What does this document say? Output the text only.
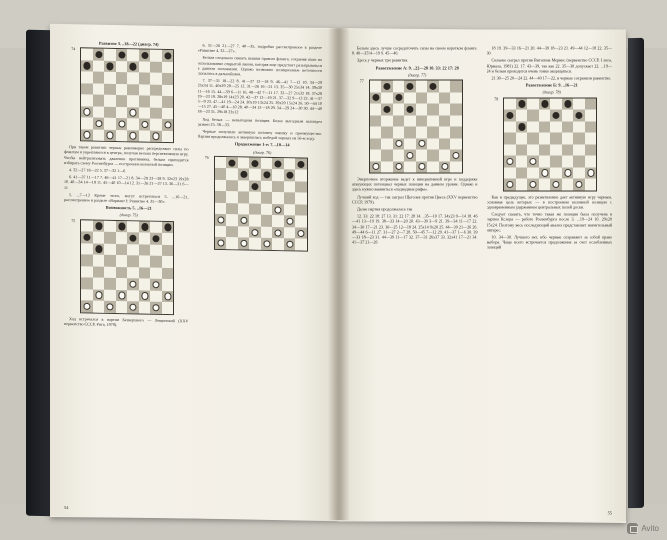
Развитие 3. ..18—22 (диагр. 74)

74

При таком развитии черные равномерно распределяют силы по флангам и укрепляются в центре, получая весьма перспективную игру. Чтобы нейтрализовать давление противника, белым приходится избирать схему Роозенбурга — построение колонной позиции.

4. 32—27 18—22 5. 37—32 1—6

6. 41—37 11—17 7. 46—41 17—21 8. 34—29 23—28 9. 32х23 19х28 10. 40—34 14—19 11. 45—40 10—14 12. 31—26 21—27 13. 36—31 6—11

5. ...7—12 Кроме этого, могут встретиться 5. ...16—21, рассмотренное в разделе «Вариант I: Развитие 4. 35—30».

Возможность 5. ..16—21

(диагр. 75)

75

Ход встречался в партии Безверхнего — Лещинский (XXV первенство СССР, Рига, 1979).

6. 31—26 21—27 7. 40—35, подробно рассмотренное в разделе «Развитие 4. 32—27».

Белым следовало связать шашки правого фланга, сохраняя шанс на использование открытой линии, которая еще предстоит разыгрываться в данном положении. Однако возможно позиционные неточности сказались в дальнейшем.

7. 37—31 18—22 8. 41—37 12—18 9. 46—41 7—12 10. 34—29 23х34 11. 40х29 20—25 12. 31—26 16—21 13. 35—30 25х34 14. 39х30 11—16 15. 44—39 6—11 16. 48—42 7—11 17. 32—27 21х32 18. 37х28 19—23 19. 28х19 14х23 20. 42—37 13—19 21. 37—32 9—13 22. 41—37 3—9 23. 47—41 19—24 24. 30х19 13х24 25. 29х20 15х24 26. 50—44 10—15 27. 45—40 4—10 28. 40—34 12—18 29. 34—29 24—30 30. 44—40 18—23 31. 29х18 23х12

Ход белых — невыгодная позиция. Более выгодным выглядел размен 25. 38—33.

Черные получили активную колонну шашку и преимущество. Партия продолжалась и завершилась победой черных на 56-м ходу.

Продолжение 1-е: 7. ..10—14

(диагр. 76)

76
54

Белым здесь лучше сосредоточить силы на своем коротком фланге. 8. 40—35!4—19 9. 45—40.

Здесь у черных три развития.

Разветвление А: 9. ..22—28 10. 33: 22 17: 28

(диагр. 77)

77

Энергичное вторжение ведет к инициативной игре и поддержке атакующих потенциал черных позиции на данном уровне. Однако и здесь нужно выявиться «подводные рифы».

Лучший ход — так сыграл Щеголев против Цвеса (XXV первенство СССР, 1979).

Далее партия продолжалась так

12. 33: 22 18: 27 13. 31: 22 17: 28 14. ..35—10 17. 34х23 9—14 18. 46—41 13—19 19. 38—33 14—20 20. 43—39 3—9 21. 39—34 11—17 22. 34—30 17—21 23. 30—25 12—18 24. 25х14 9х20 25. 44—39 21—26 26. 49—44 6—11 27. 31—27 2—7 28. 50—45 7—12 29. 41—37 1—6 30. 39—33 18—23 31. 44—39 11—17 32. 37—31 26х37 33. 32х41 17—21 34. 41—37 21—26

18 19. 39—33 16—21 20. 44—39 18—23 21. 49—44 12—18 22. 35—30

Сильнее сыграл против Витагина Мернис (первенство СССР, I лига, Юрмала, 1981) 22. 17. 43—39, так как 22. 35—30 допускает 22. ...19—24 и белым приходится очень тонко защищаться.

21 30—25 20—24 22. 44—40 17—22, и черные сохраняли равенство.

Разветвление Б: 9. ..16—21

(диагр. 78)

78

Как и предыдущее, это разветвление дает активную игру черным, основная цель которых — в построении колонной позиции с одновременным удержанием центральных полей доски.

Следует сказать, что точно такая же позиция была получена в партии Кслера — работе Роозенбурга после 3. ...19—24 10. 29х20 15х24. Поэтому весь последующий анализ представляет значительный интерес.

10. 34—30. Лучшего нет, ибо черные сохраняют за собой право выбора. Чаще всего встречается продолжение за счет ослабленных позиций

55
Avito
